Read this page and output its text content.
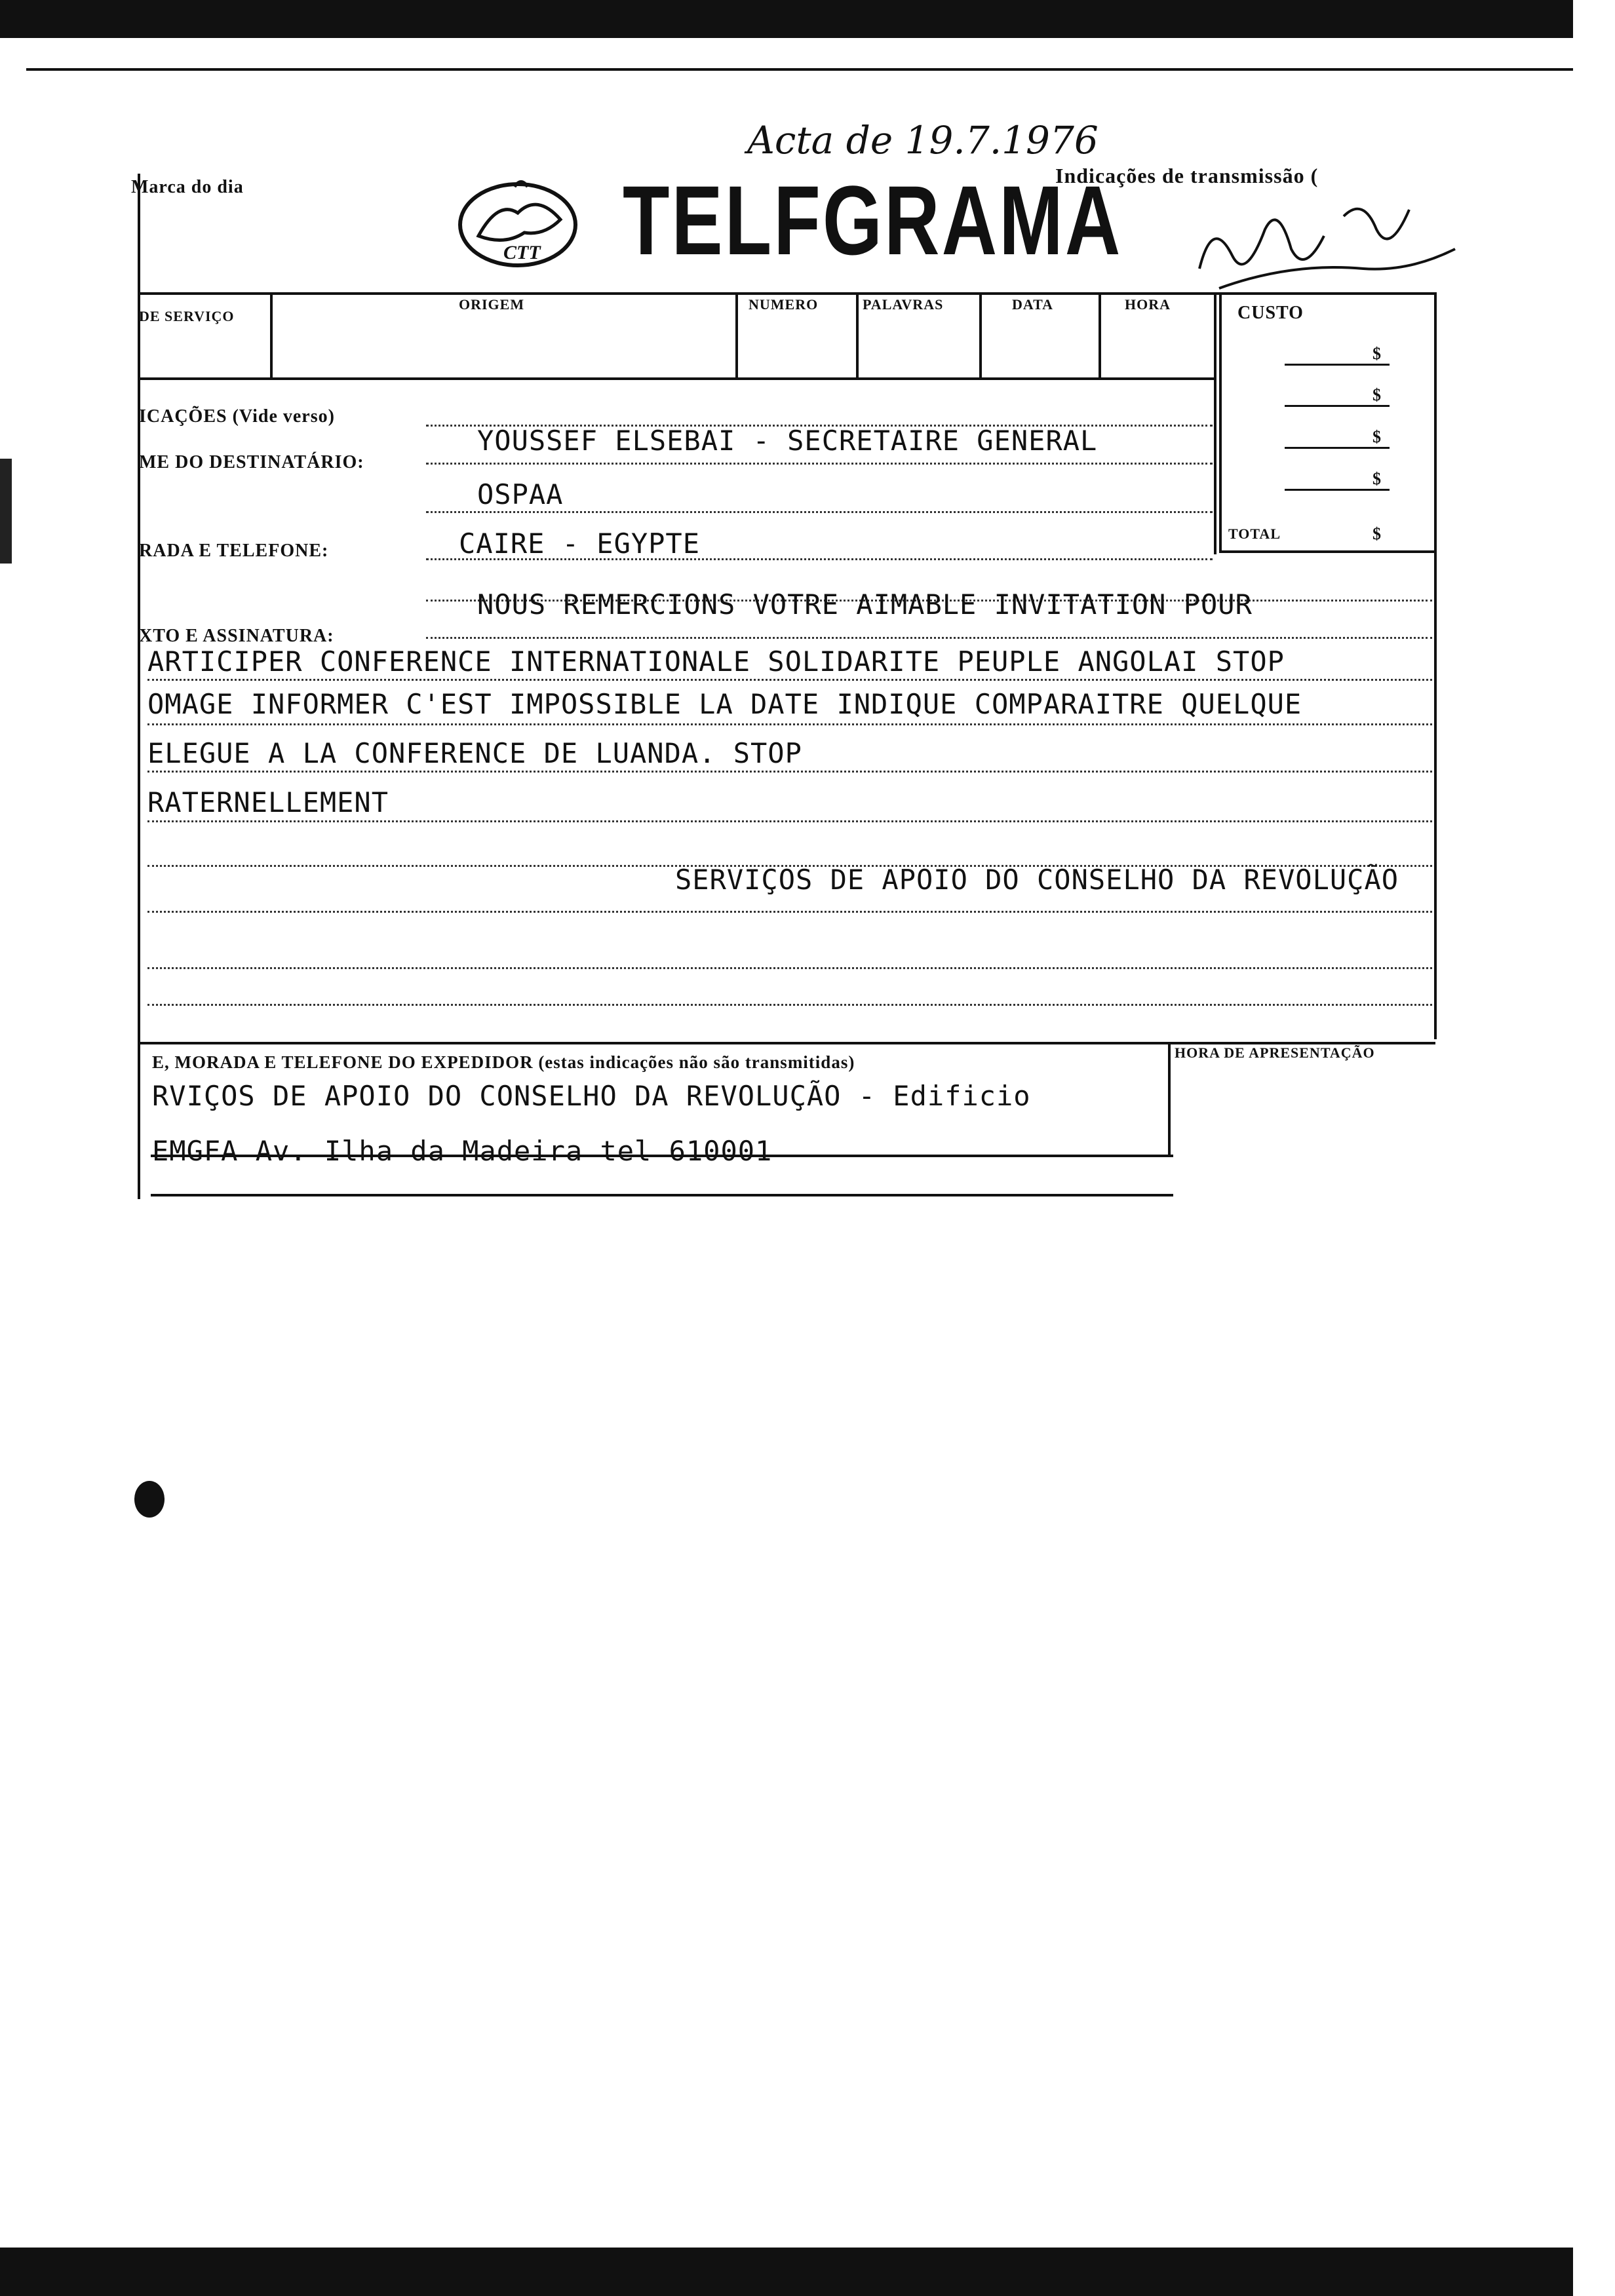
Marca do dia
Acta de 19.7.1976
CTT TELFGRAMA
Indicações de transmissão (
DE SERVIÇO
ORIGEM	NUMERO	PALAVRAS	DATA	HORA	CUSTO
$
$
$
$
TOTAL	$
ICAÇÕES (Vide verso)
ME DO DESTINATÁRIO:
YOUSSEF ELSEBAI - SECRETAIRE GENERAL
OSPAA
RADA E TELEFONE:	CAIRE - EGYPTE
XTO E ASSINATURA:
NOUS REMERCIONS VOTRE AIMABLE INVITATION POUR
ARTICIPER CONFERENCE INTERNATIONALE SOLIDARITE PEUPLE ANGOLAI STOP
OMAGE INFORMER C'EST IMPOSSIBLE LA DATE INDIQUE COMPARAITRE QUELQUE
ELEGUE A LA CONFERENCE DE LUANDA. STOP
RATERNELLEMENT
SERVIÇOS DE APOIO DO CONSELHO DA REVOLUÇÃO
E, MORADA E TELEFONE DO EXPEDIDOR (estas indicações não são transmitidas)
RVIÇOS DE APOIO DO CONSELHO DA REVOLUÇÃO - Edificio
EMGFA Av. Ilha da Madeira tel 610001
HORA DE APRESENTAÇÃO
